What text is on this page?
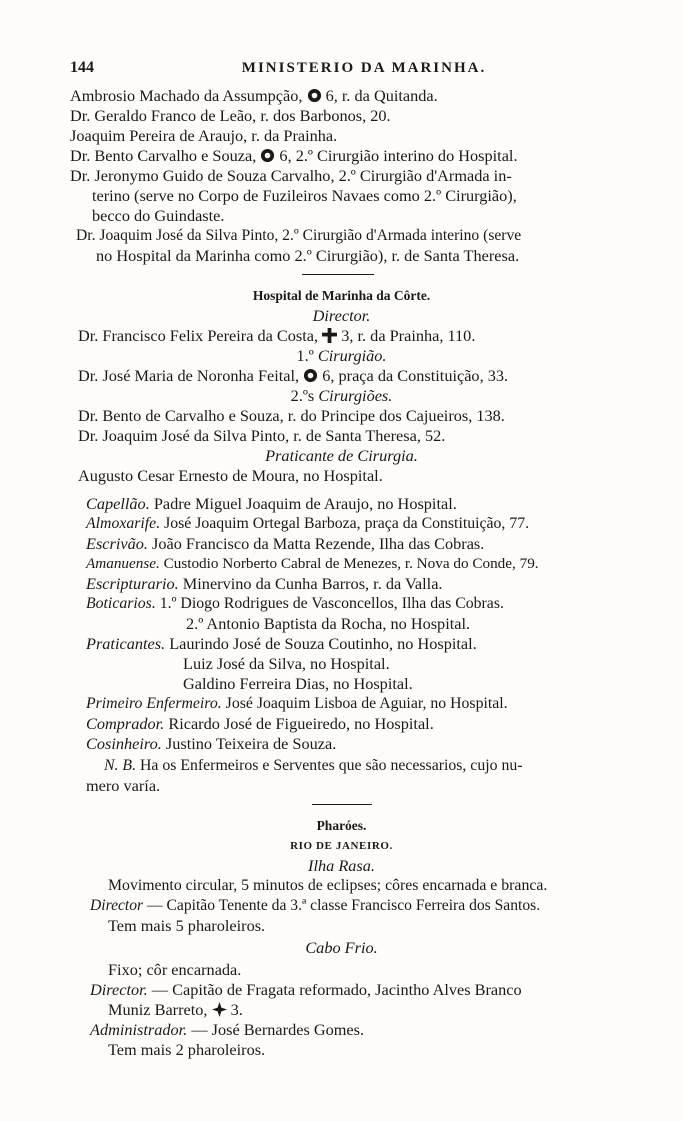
144	MINISTERIO DA MARINHA.
Ambrosio Machado da Assumpção,  6, r. da Quitanda.
Dr. Geraldo Franco de Leão, r. dos Barbonos, 20.
Joaquim Pereira de Araujo, r. da Prainha.
Dr. Bento Carvalho e Souza,  6, 2.º Cirurgião interino do Hospital.
Dr. Jeronymo Guido de Souza Carvalho, 2.º Cirurgião d'Armada in-
terino (serve no Corpo de Fuzileiros Navaes como 2.º Cirurgião),
becco do Guindaste.
Dr. Joaquim José da Silva Pinto, 2.º Cirurgião d'Armada interino (serve
no Hospital da Marinha como 2.º Cirurgião), r. de Santa Theresa.
Hospital de Marinha da Côrte.
Director.
Dr. Francisco Felix Pereira da Costa,  3, r. da Prainha, 110.
1.º Cirurgião.
Dr. José Maria de Noronha Feital,  6, praça da Constituição, 33.
2.ºs Cirurgiões.
Dr. Bento de Carvalho e Souza, r. do Principe dos Cajueiros, 138.
Dr. Joaquim José da Silva Pinto, r. de Santa Theresa, 52.
Praticante de Cirurgia.
Augusto Cesar Ernesto de Moura, no Hospital.
Capellão. Padre Miguel Joaquim de Araujo, no Hospital.
Almoxarife. José Joaquim Ortegal Barboza, praça da Constituição, 77.
Escrivão. João Francisco da Matta Rezende, Ilha das Cobras.
Amanuense. Custodio Norberto Cabral de Menezes, r. Nova do Conde, 79.
Escripturario. Minervino da Cunha Barros, r. da Valla.
Boticarios. 1.º Diogo Rodrigues de Vasconcellos, Ilha das Cobras.
2.º Antonio Baptista da Rocha, no Hospital.
Praticantes. Laurindo José de Souza Coutinho, no Hospital.
Luiz José da Silva, no Hospital.
Galdino Ferreira Dias, no Hospital.
Primeiro Enfermeiro. José Joaquim Lisboa de Aguiar, no Hospital.
Comprador. Ricardo José de Figueiredo, no Hospital.
Cosinheiro. Justino Teixeira de Souza.
N. B. Ha os Enfermeiros e Serventes que são necessarios, cujo nu-
mero varía.
Pharóes.
RIO DE JANEIRO.
Ilha Rasa.
Movimento circular, 5 minutos de eclipses; côres encarnada e branca.
Director — Capitão Tenente da 3.ª classe Francisco Ferreira dos Santos.
Tem mais 5 pharoleiros.
Cabo Frio.
Fixo; côr encarnada.
Director. — Capitão de Fragata reformado, Jacintho Alves Branco
Muniz Barreto,  3.
Administrador. — José Bernardes Gomes.
Tem mais 2 pharoleiros.
